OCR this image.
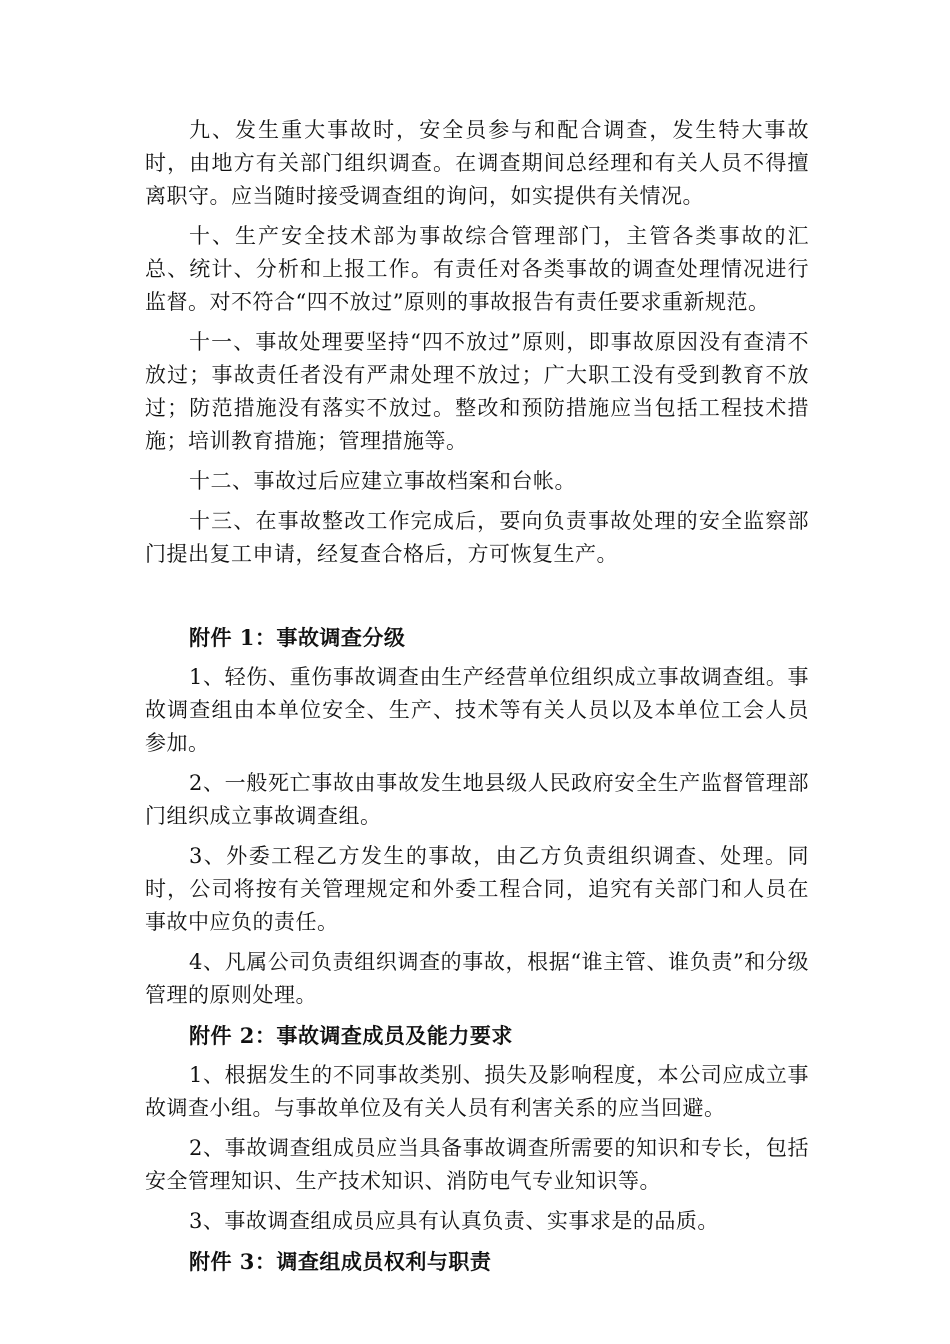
九、发生重大事故时，安全员参与和配合调查，发生特大事故时，由地方有关部门组织调查。在调查期间总经理和有关人员不得擅离职守。应当随时接受调查组的询问，如实提供有关情况。

十、生产安全技术部为事故综合管理部门，主管各类事故的汇总、统计、分析和上报工作。有责任对各类事故的调查处理情况进行监督。对不符合“四不放过”原则的事故报告有责任要求重新规范。

十一、事故处理要坚持“四不放过”原则，即事故原因没有查清不放过；事故责任者没有严肃处理不放过；广大职工没有受到教育不放过；防范措施没有落实不放过。整改和预防措施应当包括工程技术措施；培训教育措施；管理措施等。

十二、事故过后应建立事故档案和台帐。

十三、在事故整改工作完成后，要向负责事故处理的安全监察部门提出复工申请，经复查合格后，方可恢复生产。

附件 1：事故调查分级

1、轻伤、重伤事故调查由生产经营单位组织成立事故调查组。事故调查组由本单位安全、生产、技术等有关人员以及本单位工会人员参加。

2、一般死亡事故由事故发生地县级人民政府安全生产监督管理部门组织成立事故调查组。

3、外委工程乙方发生的事故，由乙方负责组织调查、处理。同时，公司将按有关管理规定和外委工程合同，追究有关部门和人员在事故中应负的责任。

4、凡属公司负责组织调查的事故，根据“谁主管、谁负责”和分级管理的原则处理。

附件 2：事故调查成员及能力要求

1、根据发生的不同事故类别、损失及影响程度，本公司应成立事故调查小组。与事故单位及有关人员有利害关系的应当回避。

2、事故调查组成员应当具备事故调查所需要的知识和专长，包括安全管理知识、生产技术知识、消防电气专业知识等。

3、事故调查组成员应具有认真负责、实事求是的品质。

附件 3：调查组成员权利与职责
